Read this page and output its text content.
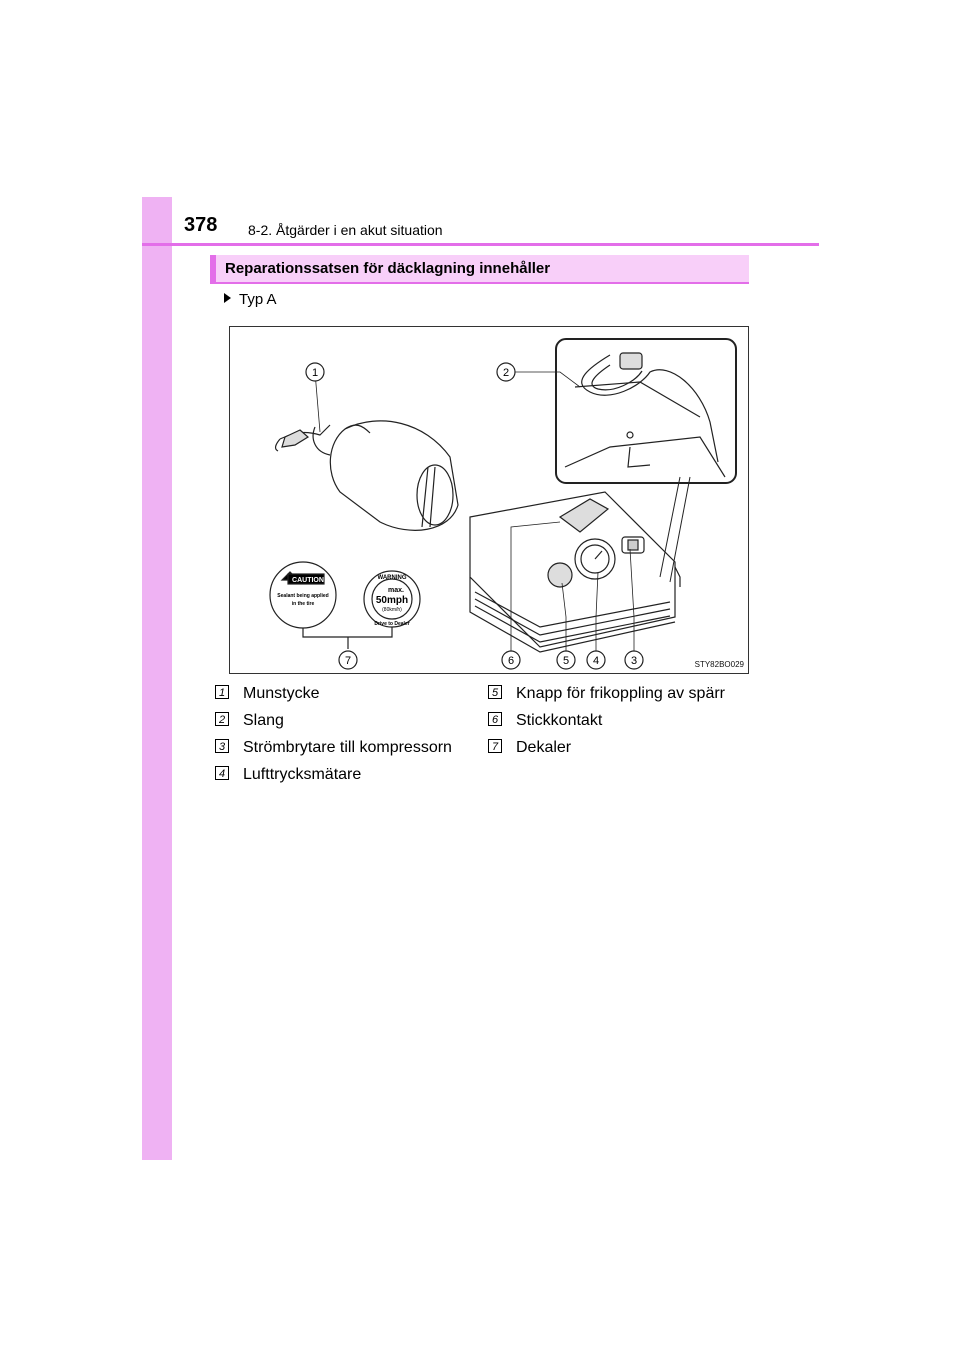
378 8-2. Åtgärder i en akut situation
Reparationssatsen för däcklagning innehåller
Typ A
CAUTION
Sealant being applied
in the tire
WARNING
max.
50mph
(80km/h)
Drive to Dealer
1	2
3
4
5
6
7	STY82BO029
1 Munstycke
2 Slang
3 Strömbrytare till kompressorn
4 Lufttrycksmätare
5 Knapp för frikoppling av spärr
6 Stickkontakt
7 Dekaler
